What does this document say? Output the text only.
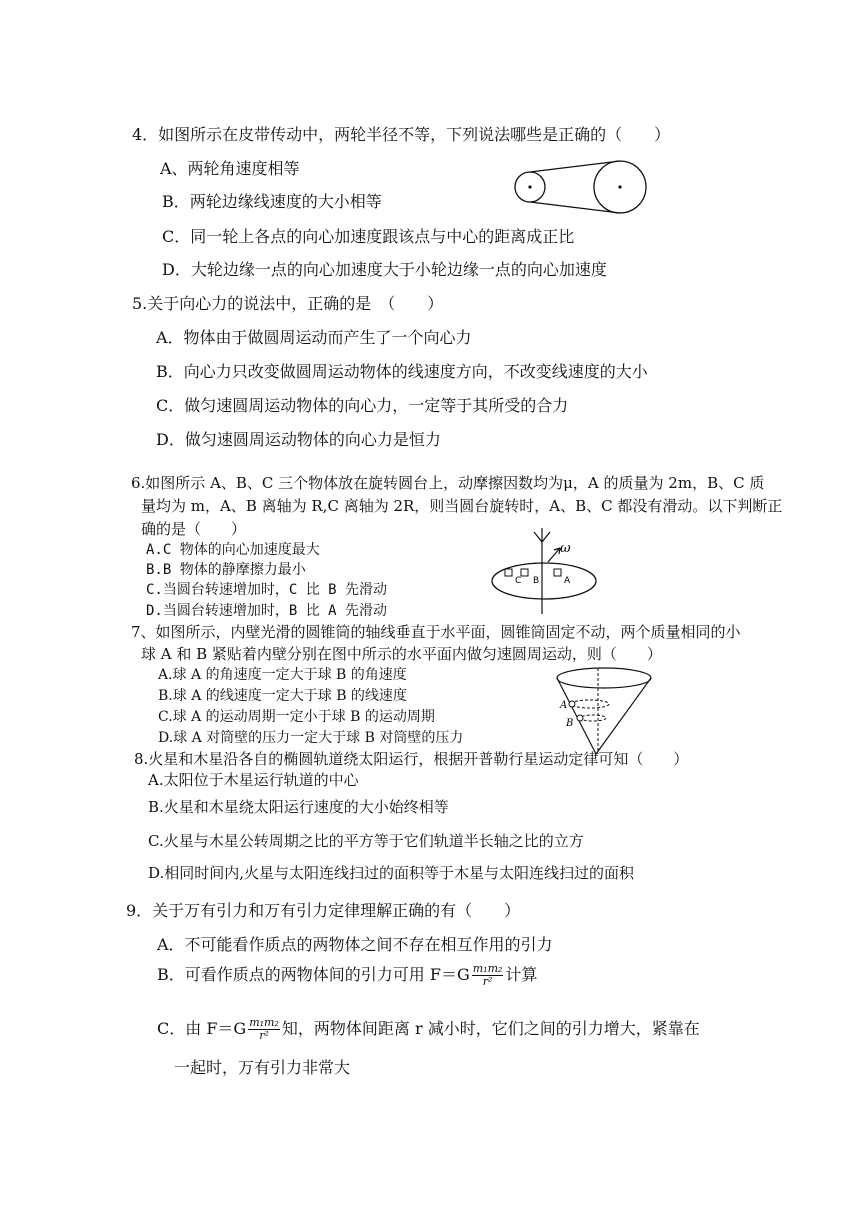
4．如图所示在皮带传动中，两轮半径不等，下列说法哪些是正确的（　　）
A、两轮角速度相等
B．两轮边缘线速度的大小相等
C．同一轮上各点的向心加速度跟该点与中心的距离成正比
D．大轮边缘一点的向心加速度大于小轮边缘一点的向心加速度
5.关于向心力的说法中，正确的是　（　　）
A．物体由于做圆周运动而产生了一个向心力
B．向心力只改变做圆周运动物体的线速度方向，不改变线速度的大小
C．做匀速圆周运动物体的向心力，一定等于其所受的合力
D．做匀速圆周运动物体的向心力是恒力
6.如图所示 A、B、C 三个物体放在旋转圆台上，动摩擦因数均为μ，A 的质量为 2m，B、C 质
量均为 m，A、B 离轴为 R,C 离轴为 2R，则当圆台旋转时，A、B、C 都没有滑动。以下判断正
确的是（　　）
A.C 物体的向心加速度最大
B.B 物体的静摩擦力最小
C.当圆台转速增加时，C 比 B 先滑动
D.当圆台转速增加时，B 比 A 先滑动
ω
C B	A
7、如图所示，内壁光滑的圆锥筒的轴线垂直于水平面，圆锥筒固定不动，两个质量相同的小
球 A 和 B 紧贴着内壁分别在图中所示的水平面内做匀速圆周运动，则（　　）
A.球 A 的角速度一定大于球 B 的角速度
B.球 A 的线速度一定大于球 B 的线速度
C.球 A 的运动周期一定小于球 B 的运动周期
D.球 A 对筒壁的压力一定大于球 B 对筒壁的压力
A
B
8.火星和木星沿各自的椭圆轨道绕太阳运行，根据开普勒行星运动定律可知（　　）
A.太阳位于木星运行轨道的中心
B.火星和木星绕太阳运行速度的大小始终相等
C.火星与木星公转周期之比的平方等于它们轨道半长轴之比的立方
D.相同时间内,火星与太阳连线扫过的面积等于木星与太阳连线扫过的面积
9．关于万有引力和万有引力定律理解正确的有（　　）
A．不可能看作质点的两物体之间不存在相互作用的引力
B．可看作质点的两物体间的引力可用 $F=G \frac{\text{m₁m₂}}{\text{r²}}$ 计算
C．由 $F=G \frac{\text{m₁m₂}}{\text{r²}}$ 知，两物体间距离 r 减小时，它们之间的引力增大，紧靠在
一起时，万有引力非常大
